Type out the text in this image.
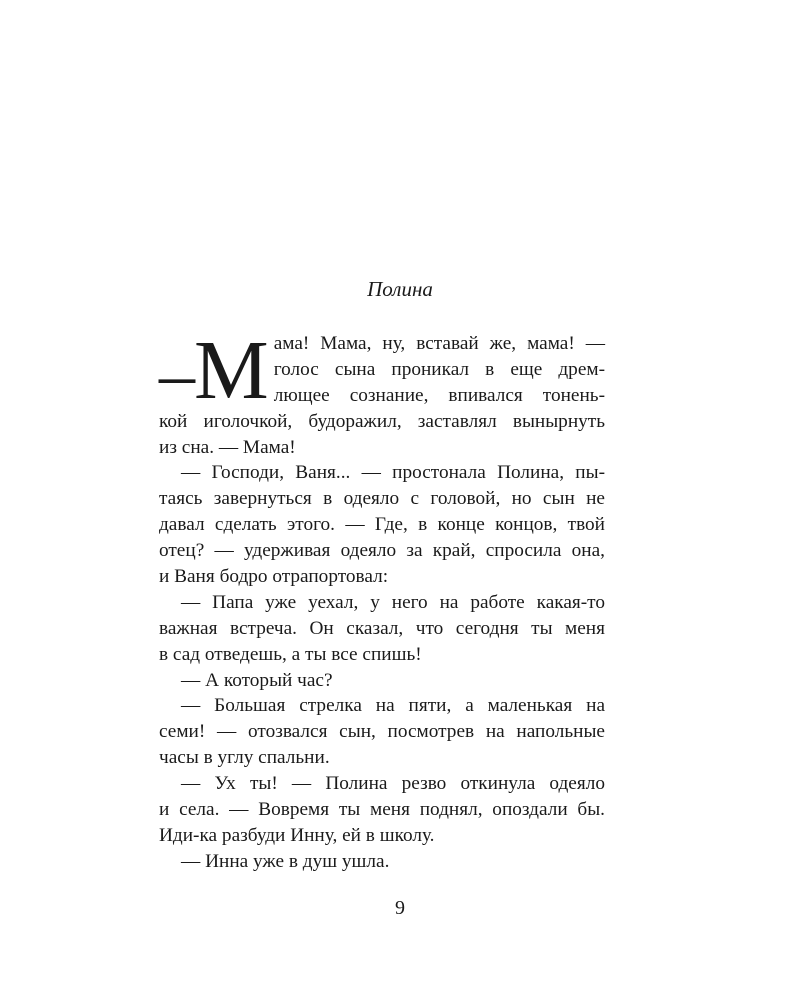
Полина
–М ама! Мама, ну, вставай же, мама! —
голос сына проникал в еще дрем-
лющее сознание, впивался тонень-
кой иголочкой, будоражил, заставлял вынырнуть
из сна. — Мама!
— Господи, Ваня... — простонала Полина, пы-
таясь завернуться в одеяло с головой, но сын не
давал сделать этого. — Где, в конце концов, твой
отец? — удерживая одеяло за край, спросила она,
и Ваня бодро отрапортовал:
— Папа уже уехал, у него на работе какая-то
важная встреча. Он сказал, что сегодня ты меня
в сад отведешь, а ты все спишь!
— А который час?
— Большая стрелка на пяти, а маленькая на
семи! — отозвался сын, посмотрев на напольные
часы в углу спальни.
— Ух ты! — Полина резво откинула одеяло
и села. — Вовремя ты меня поднял, опоздали бы.
Иди-ка разбуди Инну, ей в школу.
— Инна уже в душ ушла.
9
